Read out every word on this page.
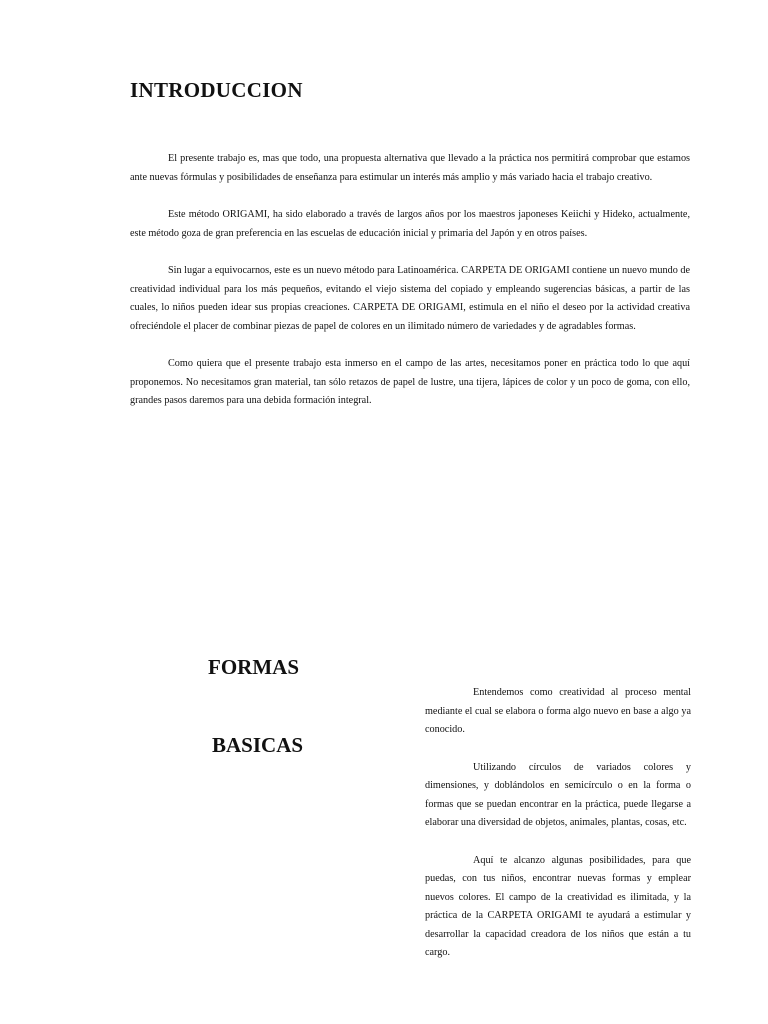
INTRODUCCION

El presente trabajo es, mas que todo, una propuesta alternativa que llevado a la práctica nos permitirá comprobar que estamos ante nuevas fórmulas y posibilidades de enseñanza para estimular un interés más amplio y más variado hacia el trabajo creativo.

Este método ORIGAMI, ha sido elaborado a través de largos años por los maestros japoneses Keiichi y Hideko, actualmente, este método goza de gran preferencia en las escuelas de educación inicial y primaria del Japón y en otros países.

Sin lugar a equivocarnos, este es un nuevo método para Latinoamérica. CARPETA DE ORIGAMI contiene un nuevo mundo de creatividad individual para los más pequeños, evitando el viejo sistema del copiado y empleando sugerencias básicas, a partir de las cuales, lo niños pueden idear sus propias creaciones. CARPETA DE ORIGAMI, estimula en el niño el deseo por la actividad creativa ofreciéndole el placer de combinar piezas de papel de colores en un ilimitado número de variedades y de agradables formas.

Como quiera que el presente trabajo esta inmerso en el campo de las artes, necesitamos poner en práctica todo lo que aquí proponemos. No necesitamos gran material, tan sólo retazos de papel de lustre, una tijera, lápices de color y un poco de goma, con ello, grandes pasos daremos para una debida formación integral.

FORMAS
BASICAS

Entendemos como creatividad al proceso mental mediante el cual se elabora o forma algo nuevo en base a algo ya conocido.

Utilizando círculos de variados colores y dimensiones, y doblándolos en semicírculo o en la forma o formas que se puedan encontrar en la práctica, puede llegarse a elaborar una diversidad de objetos, animales, plantas, cosas, etc.

Aquí te alcanzo algunas posibilidades, para que puedas, con tus niños, encontrar nuevas formas y emplear nuevos colores. El campo de la creatividad es ilimitada, y la práctica de la CARPETA ORIGAMI te ayudará a estimular y desarrollar la capacidad creadora de los niños que están a tu cargo.
